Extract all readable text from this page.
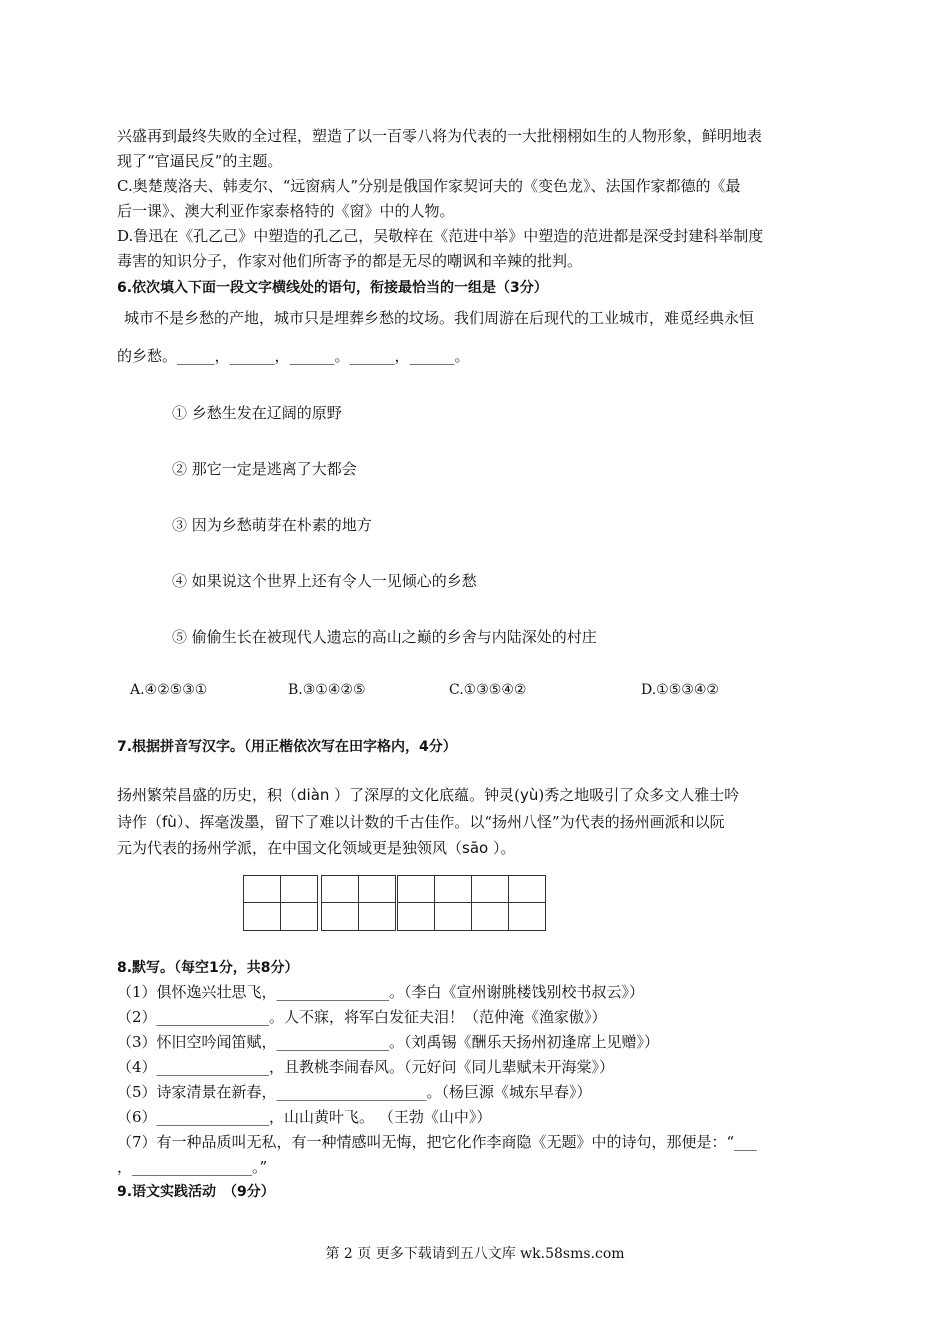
兴盛再到最终失败的全过程，塑造了以一百零八将为代表的一大批栩栩如生的人物形象，鲜明地表
现了“官逼民反”的主题。
C.奥楚蔑洛夫、韩麦尔、“远窗病人”分别是俄国作家契诃夫的《变色龙》、法国作家都德的《最
后一课》、澳大利亚作家泰格特的《窗》中的人物。
D.鲁迅在《孔乙己》中塑造的孔乙己，吴敬梓在《范进中举》中塑造的范进都是深受封建科举制度
毒害的知识分子，作家对他们所寄予的都是无尽的嘲讽和辛辣的批判。
6.依次填入下面一段文字横线处的语句，衔接最恰当的一组是（3分）
城市不是乡愁的产地，城市只是埋葬乡愁的坟场。我们周游在后现代的工业城市，难觅经典永恒
的乡愁。_____，______，______。______，______。
① 乡愁生发在辽阔的原野
② 那它一定是逃离了大都会
③ 因为乡愁萌芽在朴素的地方
④ 如果说这个世界上还有令人一见倾心的乡愁
⑤ 偷偷生长在被现代人遗忘的高山之巅的乡舍与内陆深处的村庄
A.④②⑤③①	B.③①④②⑤	C.①③⑤④②	D.①⑤③④②
7.根据拼音写汉字。（用正楷依次写在田字格内，4分）
扬州繁荣昌盛的历史，积（diàn ）了深厚的文化底蕴。钟灵(yù)秀之地吸引了众多文人雅士吟
诗作（fù）、挥毫泼墨，留下了难以计数的千古佳作。以“扬州八怪”为代表的扬州画派和以阮
元为代表的扬州学派，在中国文化领域更是独领风（sāo ）。
8.默写。（每空1分，共8分）
（1）俱怀逸兴壮思飞，_______________。（李白《宣州谢朓楼饯别校书叔云》）
（2）_______________。人不寐，将军白发征夫泪！（范仲淹《渔家傲》）
（3）怀旧空吟闻笛赋，_______________。（刘禹锡《酬乐天扬州初逢席上见赠》）
（4）_______________，且教桃李闹春风。（元好问《同儿辈赋未开海棠》）
（5）诗家清景在新春，____________________。（杨巨源《城东早春》）
（6）_______________，山山黄叶飞。 （王勃《山中》）
（7）有一种品质叫无私，有一种情感叫无悔，把它化作李商隐《无题》中的诗句，那便是：“___
，________________。”
9.语文实践活动　（9分）
第 2 页 更多下载请到五八文库 wk.58sms.com
